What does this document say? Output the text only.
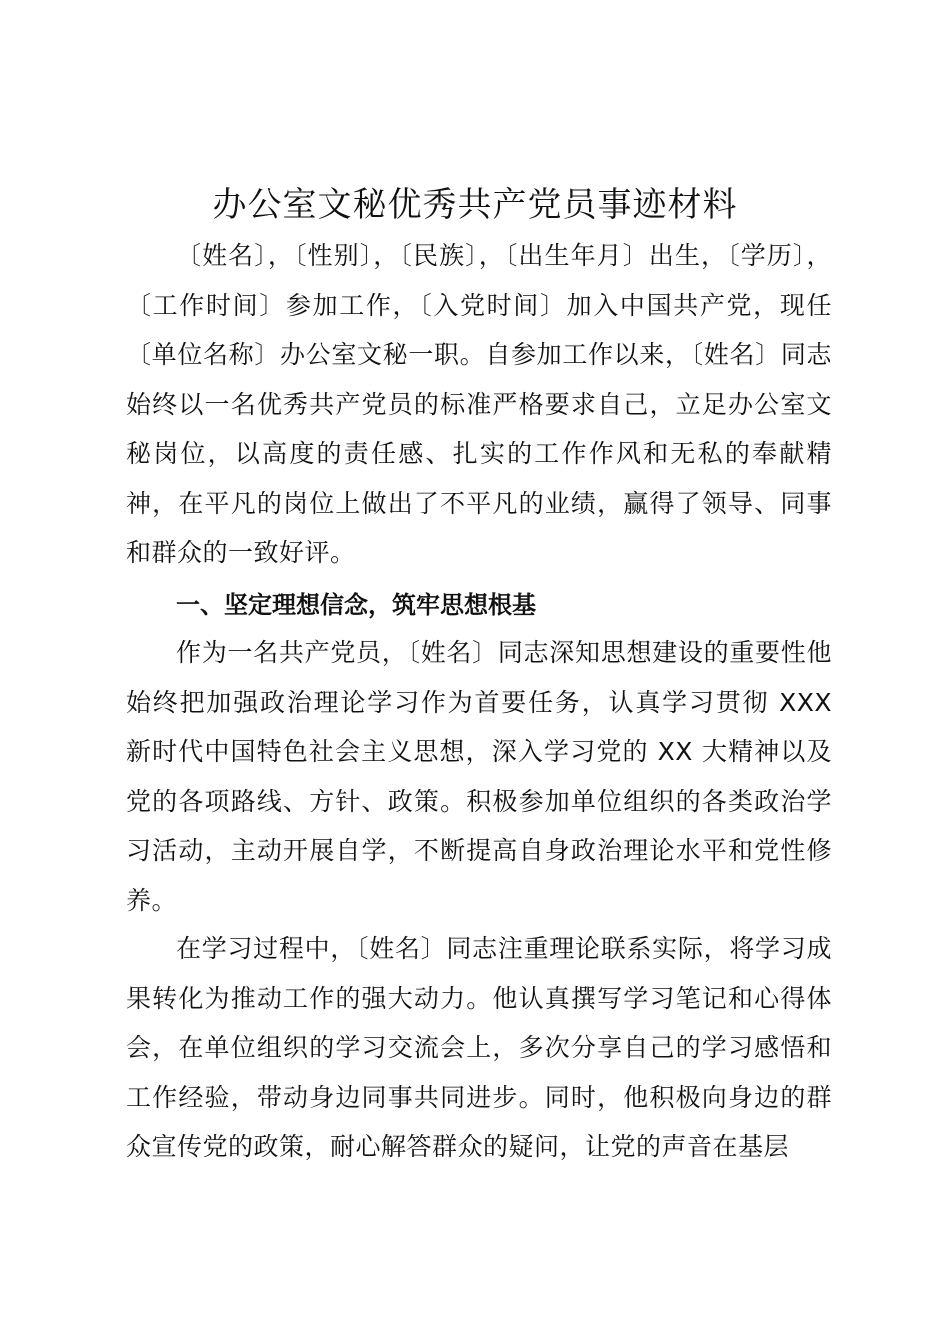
办公室文秘优秀共产党员事迹材料

〔姓名〕，〔性别〕，〔民族〕，〔出生年月〕出生，〔学历〕，〔工作时间〕参加工作，〔入党时间〕加入中国共产党，现任〔单位名称〕办公室文秘一职。自参加工作以来，〔姓名〕同志始终以一名优秀共产党员的标准严格要求自己，立足办公室文秘岗位，以高度的责任感、扎实的工作作风和无私的奉献精神，在平凡的岗位上做出了不平凡的业绩，赢得了领导、同事和群众的一致好评。

一、坚定理想信念，筑牢思想根基

作为一名共产党员，〔姓名〕同志深知思想建设的重要性他始终把加强政治理论学习作为首要任务，认真学习贯彻 XXX 新时代中国特色社会主义思想，深入学习党的 XX 大精神以及党的各项路线、方针、政策。积极参加单位组织的各类政治学习活动，主动开展自学，不断提高自身政治理论水平和党性修养。

在学习过程中，〔姓名〕同志注重理论联系实际，将学习成果转化为推动工作的强大动力。他认真撰写学习笔记和心得体会，在单位组织的学习交流会上，多次分享自己的学习感悟和工作经验，带动身边同事共同进步。同时，他积极向身边的群众宣传党的政策，耐心解答群众的疑问，让党的声音在基层
